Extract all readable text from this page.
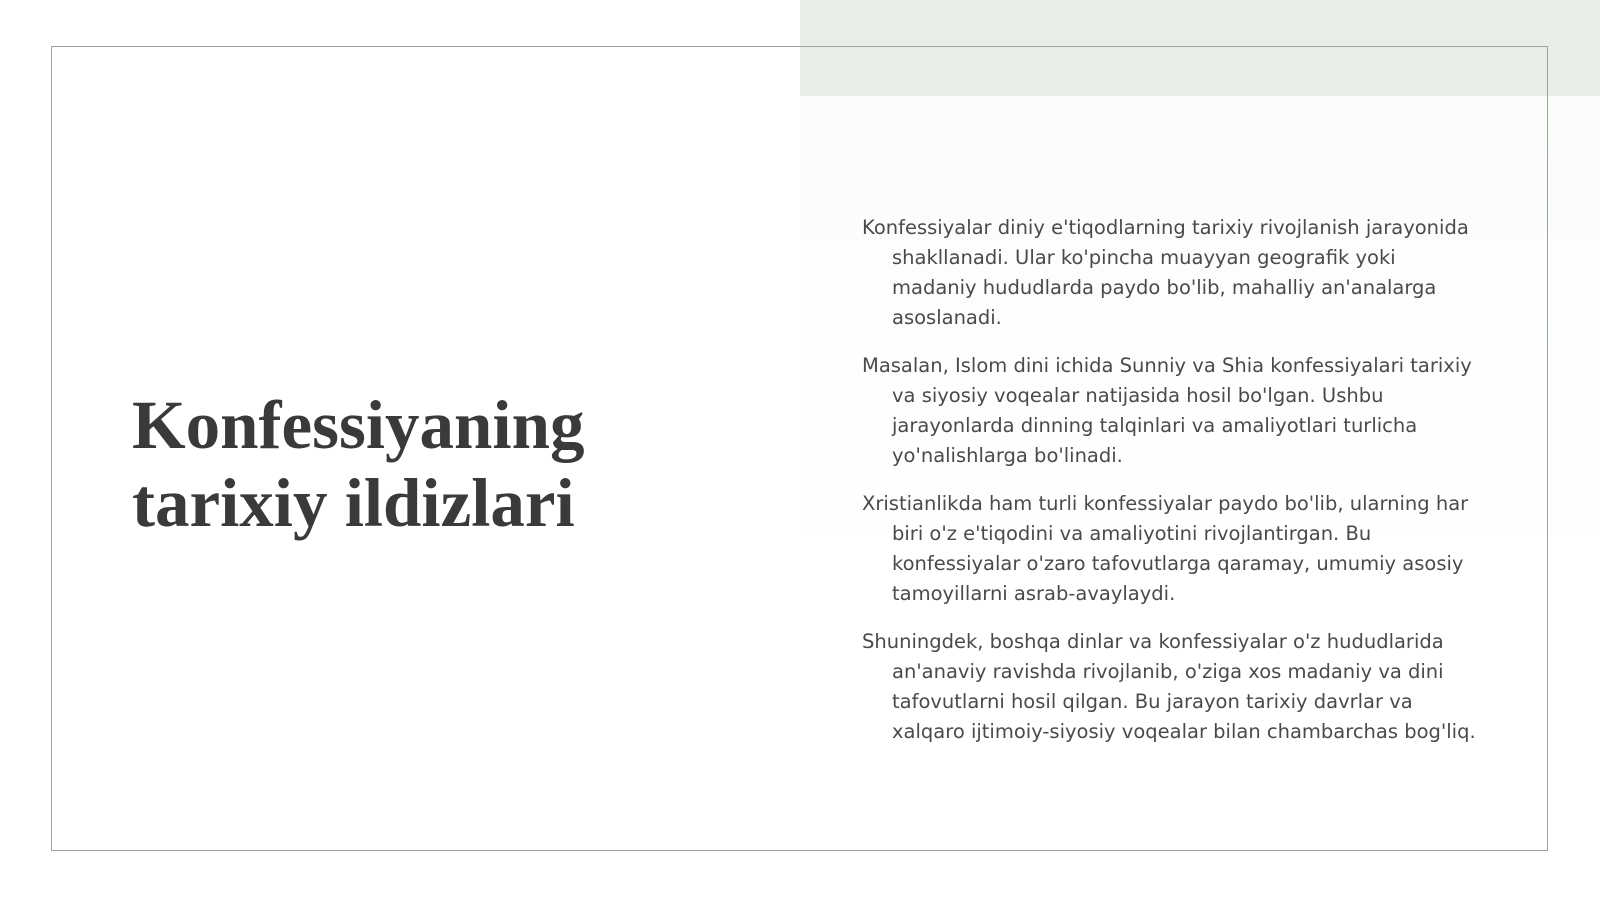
Konfessiyaning
tarixiy ildizlari

Konfessiyalar diniy e'tiqodlarning tarixiy rivojlanish jarayonida shakllanadi. Ular ko'pincha muayyan geografik yoki madaniy hududlarda paydo bo'lib, mahalliy an'analarga asoslanadi.

Masalan, Islom dini ichida Sunniy va Shia konfessiyalari tarixiy va siyosiy voqealar natijasida hosil bo'lgan. Ushbu jarayonlarda dinning talqinlari va amaliyotlari turlicha yo'nalishlarga bo'linadi.

Xristianlikda ham turli konfessiyalar paydo bo'lib, ularning har biri o'z e'tiqodini va amaliyotini rivojlantirgan. Bu konfessiyalar o'zaro tafovutlarga qaramay, umumiy asosiy tamoyillarni asrab-avaylaydi.

Shuningdek, boshqa dinlar va konfessiyalar o'z hududlarida an'anaviy ravishda rivojlanib, o'ziga xos madaniy va dini tafovutlarni hosil qilgan. Bu jarayon tarixiy davrlar va xalqaro ijtimoiy-siyosiy voqealar bilan chambarchas bog'liq.
